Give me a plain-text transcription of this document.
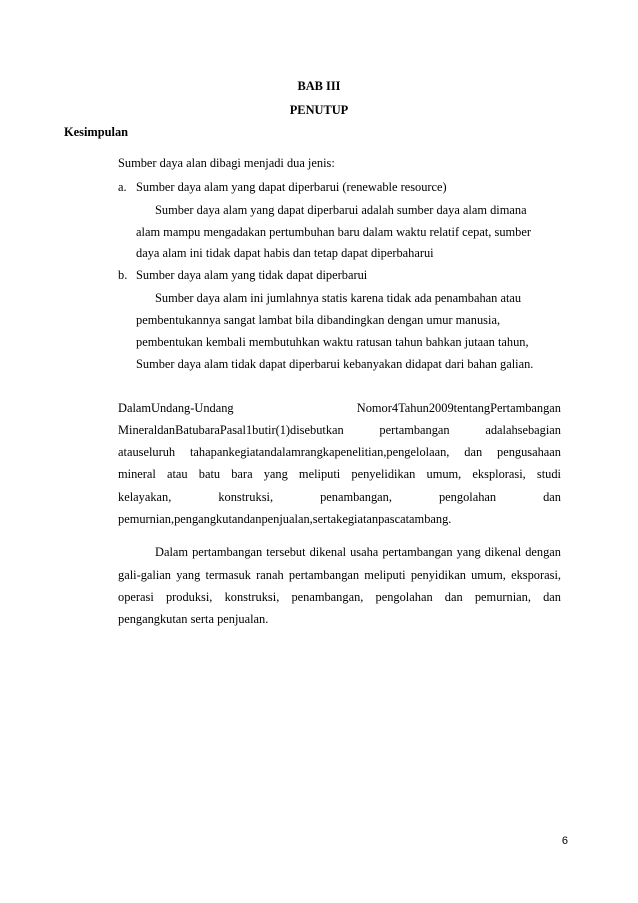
BAB III
PENUTUP
Kesimpulan
Sumber daya alan dibagi menjadi dua jenis:
a. Sumber daya alam yang dapat diperbarui (renewable resource)
Sumber daya alam yang dapat diperbarui adalah sumber daya alam dimana
alam mampu mengadakan pertumbuhan baru dalam waktu relatif cepat, sumber
daya alam ini tidak dapat habis dan tetap dapat diperbaharui
b. Sumber daya alam yang tidak dapat diperbarui
Sumber daya alam ini jumlahnya statis karena tidak ada penambahan atau
pembentukannya sangat lambat bila dibandingkan dengan umur manusia,
pembentukan kembali membutuhkan waktu ratusan tahun bahkan jutaan tahun,
Sumber daya alam tidak dapat diperbarui kebanyakan didapat dari bahan galian.
DalamUndang-Undang Nomor4Tahun2009tentangPertambangan
MineraldanBatubaraPasal1butir(1)disebutkan pertambangan adalahsebagian
atauseluruh tahapankegiatandalamrangkapenelitian,pengelolaan, dan pengusahaan
mineral atau batu bara yang meliputi penyelidikan umum, eksplorasi, studi
kelayakan, konstruksi, penambangan, pengolahan dan
pemurnian,pengangkutandanpenjualan,sertakegiatanpascatambang.
Dalam pertambangan tersebut dikenal usaha pertambangan yang dikenal dengan
gali-galian yang termasuk ranah pertambangan meliputi penyidikan umum, eksporasi,
operasi produksi, konstruksi, penambangan, pengolahan dan pemurnian, dan
pengangkutan serta penjualan.
6
